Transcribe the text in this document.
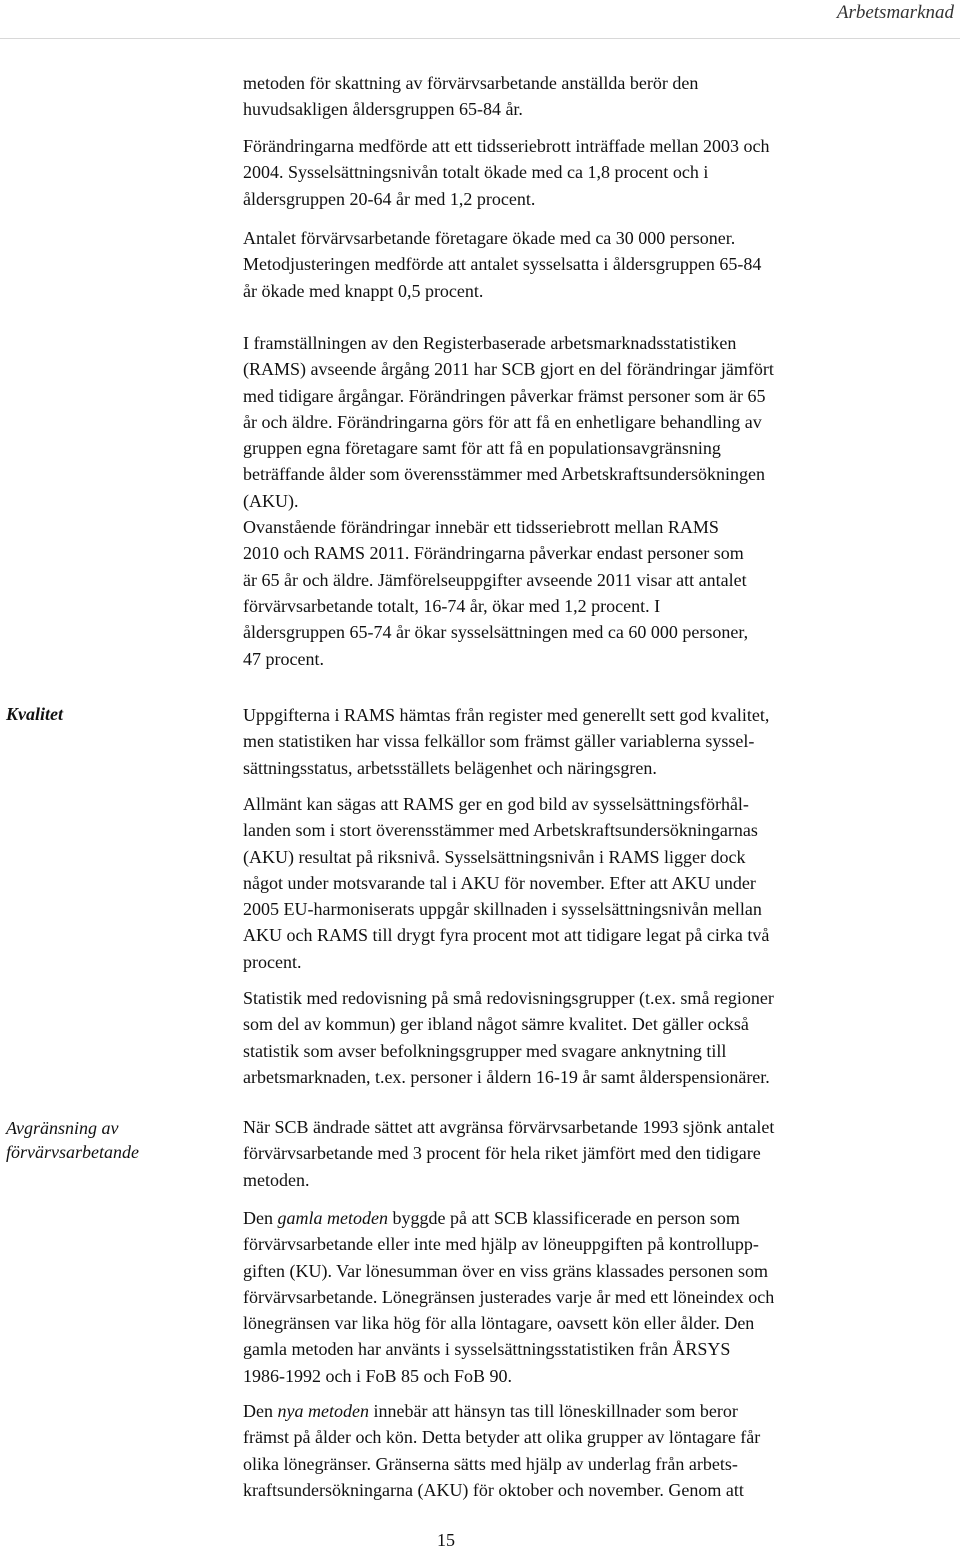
Arbetsmarknad

metoden för skattning av förvärvsarbetande anställda berör den
huvudsakligen åldersgruppen 65-84 år.

Förändringarna medförde att ett tidsseriebrott inträffade mellan 2003 och
2004. Sysselsättningsnivån totalt ökade med ca 1,8 procent och i
åldersgruppen 20-64 år med 1,2 procent.

Antalet förvärvsarbetande företagare ökade med ca 30 000 personer.
Metodjusteringen medförde att antalet sysselsatta i åldersgruppen 65-84
år ökade med knappt 0,5 procent.

I framställningen av den Registerbaserade arbetsmarknadsstatistiken
(RAMS) avseende årgång 2011 har SCB gjort en del förändringar jämfört
med tidigare årgångar. Förändringen påverkar främst personer som är 65
år och äldre. Förändringarna görs för att få en enhetligare behandling av
gruppen egna företagare samt för att få en populationsavgränsning
beträffande ålder som överensstämmer med Arbetskraftsundersökningen
(AKU).
Ovanstående förändringar innebär ett tidsseriebrott mellan RAMS
2010 och RAMS 2011. Förändringarna påverkar endast personer som
är 65 år och äldre. Jämförelseuppgifter avseende 2011 visar att antalet
förvärvsarbetande totalt, 16-74 år, ökar med 1,2 procent. I
åldersgruppen 65-74 år ökar sysselsättningen med ca 60 000 personer,
47 procent.

Kvalitet	Uppgifterna i RAMS hämtas från register med generellt sett god kvalitet,
men statistiken har vissa felkällor som främst gäller variablerna syssel-
sättningsstatus, arbetsställets belägenhet och näringsgren.

Allmänt kan sägas att RAMS ger en god bild av sysselsättningsförhål-
landen som i stort överensstämmer med Arbetskraftsundersökningarnas
(AKU) resultat på riksnivå. Sysselsättningsnivån i RAMS ligger dock
något under motsvarande tal i AKU för november. Efter att AKU under
2005 EU-harmoniserats uppgår skillnaden i sysselsättningsnivån mellan
AKU och RAMS till drygt fyra procent mot att tidigare legat på cirka två
procent.

Statistik med redovisning på små redovisningsgrupper (t.ex. små regioner
som del av kommun) ger ibland något sämre kvalitet. Det gäller också
statistik som avser befolkningsgrupper med svagare anknytning till
arbetsmarknaden, t.ex. personer i åldern 16-19 år samt ålderspensionärer.

Avgränsning av
förvärvsarbetande

När SCB ändrade sättet att avgränsa förvärvsarbetande 1993 sjönk antalet
förvärvsarbetande med 3 procent för hela riket jämfört med den tidigare
metoden.

Den gamla metoden byggde på att SCB klassificerade en person som
förvärvsarbetande eller inte med hjälp av löneuppgiften på kontrollupp-
giften (KU). Var lönesumman över en viss gräns klassades personen som
förvärvsarbetande. Lönegränsen justerades varje år med ett löneindex och
lönegränsen var lika hög för alla löntagare, oavsett kön eller ålder. Den
gamla metoden har använts i sysselsättningsstatistiken från ÅRSYS
1986-1992 och i FoB 85 och FoB 90.

Den nya metoden innebär att hänsyn tas till löneskillnader som beror
främst på ålder och kön. Detta betyder att olika grupper av löntagare får
olika lönegränser. Gränserna sätts med hjälp av underlag från arbets-
kraftsundersökningarna (AKU) för oktober och november. Genom att

15
